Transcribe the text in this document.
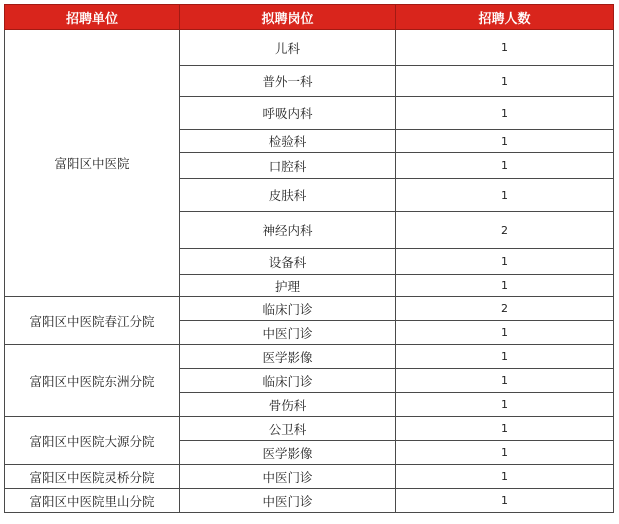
招聘单位	拟聘岗位	招聘人数
富阳区中医院	儿科	1
	普外一科	1
	呼吸内科	1
	检验科	1
	口腔科	1
	皮肤科	1
	神经内科	2
	设备科	1
	护理	1
富阳区中医院春江分院	临床门诊	2
	中医门诊	1
富阳区中医院东洲分院	医学影像	1
	临床门诊	1
	骨伤科	1
富阳区中医院大源分院	公卫科	1
	医学影像	1
富阳区中医院灵桥分院	中医门诊	1
富阳区中医院里山分院	中医门诊	1
